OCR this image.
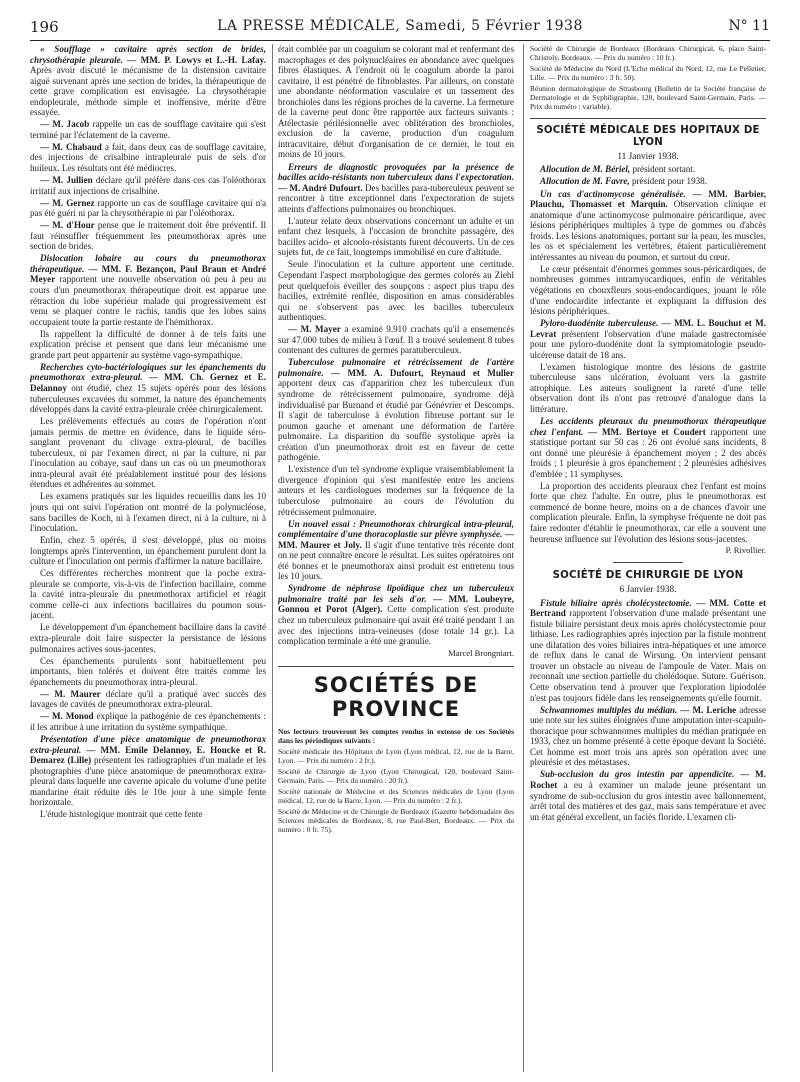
196	LA PRESSE MÉDICALE, Samedi, 5 Février 1938	N° 11

« Soufflage » cavitaire après section de brides, chrysothérapie pleurale. — MM. P. Lowys et L.-H. Lafay. Après avoir discuté le mécanisme de la distension cavitaire aiguë survenant après une section de brides, la thérapeutique de cette grave complication est envisagée. La chrysothérapie endopleurale, méthode simple et inoffensive, mérite d'être essayée.

— M. Jacob rappelle un cas de soufflage cavitaire qui s'est terminé par l'éclatement de la caverne.

— M. Chabaud a fait, dans deux cas de soufflage cavitaire, des injections de crisalbine intrapleurale puis de sels d'or huileux. Les résultats ont été médiocres.

— M. Jullien déclare qu'il préfère dans ces cas l'oléothorax irritatif aux injections de crisalbine.

— M. Gernez rapporte un cas de soufflage cavitaire qui n'a pas été guéri ni par la chrysothérapie ni par l'oléothorax.

— M. d'Hour pense que le traitement doit être préventif. Il faut réinsuffler fréquemment les pneumothorax après une section de brides.

Dislocation lobaire au cours du pneumothorax thérapeutique. — MM. F. Bezançon, Paul Braun et André Meyer rapportent une nouvelle observation où peu à peu au cours d'un pneumothorax thérapeutique droit est apparue une rétraction du lobe supérieur malade qui progressivement est venu se plaquer contre le rachis, tandis que les lobes sains occupaient toute la partie restante de l'hémithorax.

Ils rappellent la difficulté de donner à de tels faits une explication précise et pensent que dans leur mécanisme une grande part peut appartenir au système vago-sympathique.

Recherches cyto-bactériologiques sur les épanchements du pneumothorax extra-pleural. — MM. Ch. Gernez et E. Delannoy ont étudié, chez 15 sujets opérés pour des lésions tuberculeuses excavées du sommet, la nature des épanchements développés dans la cavité extra-pleurale créée chirurgicalement.

Les prélèvements effectués au cours de l'opération n'ont jamais permis de mettre en évidence, dans le liquide séro-sanglant provenant du clivage extra-pleural, de bacilles tuberculeux, ni par l'examen direct, ni par la culture, ni par l'inoculation au cobaye, sauf dans un cas où un pneumothorax intra-pleural avait été préalablement institué pour des lésions étendues et adhérentes au sommet.

Les examens pratiqués sur les liquides recueillis dans les 10 jours qui ont suivi l'opération ont montré de la polynucléose, sans bacilles de Koch, ni à l'examen direct, ni à la culture, ni à l'inoculation.

Enfin, chez 5 opérés, il s'est développé, plus ou moins longtemps après l'intervention, un épanchement purulent dont la culture et l'inoculation ont permis d'affirmer la nature bacillaire.

Ces différentes recherches montrent que la poche extra-pleurale se comporte, vis-à-vis de l'infection bacillaire, comme la cavité intra-pleurale du pneumothorax artificiel et réagit comme celle-ci aux infections bacillaires du poumon sous-jacent.

Le développement d'un épanchement bacillaire dans la cavité extra-pleurale doit faire suspecter la persistance de lésions pulmonaires actives sous-jacentes.

Ces épanchements purulents sont habituellement peu importants, bien tolérés et doivent être traités comme les épanchements du pneumothorax intra-pleural.

— M. Maurer déclare qu'il a pratiqué avec succès des lavages de cavités de pneumothorax extra-pleural.

— M. Monod explique la pathogénie de ces épanchements : il les attribue à une irritation du système sympathique.

Présentation d'une pièce anatomique de pneumothorax extra-pleural. — MM. Emile Delannoy, E. Houcke et R. Demarez (Lille) présentent les radiographies d'un malade et les photographies d'une pièce anatomique de pneumothorax extra-pleural dans laquelle une caverne apicale du volume d'une petite mandarine était réduite dès le 10e jour à une simple fente horizontale.

L'étude histologique montrait que cette fente

était comblée par un coagulum se colorant mal et renfermant des macrophages et des polynucléaires en abondance avec quelques fibres élastiques. A l'endroit où le coagulum aborde la paroi cavitaire, il est pénétré de fibroblastes. Par ailleurs, on constate une abondante néoformation vasculaire et un tassement des bronchioles dans les régions proches de la caverne. La fermeture de la caverne peut donc être rapportée aux facteurs suivants : Atélectasie périlésionnelle avec oblitération des bronchioles, exclusion de la caverne, production d'un coagulum intracavitaire, début d'organisation de ce dernier, le tout en moins de 10 jours.

Erreurs de diagnostic provoquées par la présence de bacilles acido-résistants non tuberculeux dans l'expectoration. — M. André Dufourt. Des bacilles para-tuberculeux peuvent se rencontrer à titre exceptionnel dans l'expectoration de sujets atteints d'affections pulmonaires ou bronchiques.

L'auteur relate deux observations concernant un adulte et un enfant chez lesquels, à l'occasion de bronchite passagère, des bacilles acido- et alcoolo-résistants furent découverts. Un de ces sujets fut, de ce fait, longtemps immobilisé en cure d'altitude.

Seule l'inoculation et la culture apportent une certitude. Cependant l'aspect morphologique des germes colorés au Ziehl peut quelquefois éveiller des soupçons : aspect plus trapu des bacilles, extrémité renflée, disposition en amas considérables qui ne s'observent pas avec les bacilles tuberculeux authentiques.

— M. Mayer a examiné 9.910 crachats qu'il a ensemencés sur 47.000 tubes de milieu à l'œuf. Il a trouvé seulement 8 tubes contenant des cultures de germes paratuberculeux.

Tuberculose pulmonaire et rétrécissement de l'artère pulmonaire. — MM. A. Dufourt, Reynaud et Muller apportent deux cas d'apparition chez les tuberculeux d'un syndrome de rétrécissement pulmonaire, syndrome déjà individualisé par Burnand et étudié par Génévrier et Descomps. Il s'agit de tuberculose à évolution fibreuse portant sur le poumon gauche et amenant une déformation de l'artère pulmonaire. La disparition du souffle systolique après la création d'un pneumothorax droit est en faveur de cette pathogénie.

L'existence d'un tel syndrome explique vraisemblablement la divergence d'opinion qui s'est manifestée entre les anciens auteurs et les cardiologues modernes sur la fréquence de la tuberculose pulmonaire au cours de l'évolution du rétrécissement pulmonaire.

Un nouvel essai : Pneumothorax chirurgical intra-pleural, complémentaire d'une thoracoplastie sur plèvre symphysée. — MM. Maurer et Joly. Il s'agit d'une tentative très récente dont on ne peut connaître encore le résultat. Les suites opératoires ont été bonnes et le pneumothorax ainsi produit est entretenu tous les 10 jours.

Syndrome de néphrose lipoïdique chez un tuberculeux pulmonaire traité par les sels d'or. — MM. Loubeyre, Gonnou et Porot (Alger). Cette complication s'est produite chez un tuberculeux pulmonaire qui avait été traité pendant 1 an avec des injections intra-veineuses (dose totale 14 gr.). La complication terminale a été une granulie.

Marcel Brongniart.
SOCIÉTÉS DE PROVINCE

Nos lecteurs trouveront les comptes rendus in extenso de ces Sociétés dans les périodiques suivants :

Société médicale des Hôpitaux de Lyon (Lyon médical, 12, rue de la Barre, Lyon. — Prix du numéro : 2 fr.).

Société de Chirurgie de Lyon (Lyon Chirurgical, 120, boulevard Saint-Germain, Paris. — Prix du numéro : 20 fr.).

Société nationale de Médecine et des Sciences médicales de Lyon (Lyon médical, 12, rue de la Barre, Lyon. — Prix du numéro : 2 fr.).

Société de Médecine et de Chirurgie de Bordeaux (Gazette hebdomadaire des Sciences médicales de Bordeaux, 8, rue Paul-Bert, Bordeaux. — Prix du numéro : 0 fr. 75).

Société de Chirurgie de Bordeaux (Bordeaux Chirurgical, 6, place Saint-Christoly, Bordeaux. — Prix du numéro : 10 fr.).

Société de Médecine du Nord (L'Echo médical du Nord, 12, rue Le Pelletier, Lille. — Prix du numéro : 3 fr. 50).

Réunion dermatologique de Strasbourg (Bulletin de la Société française de Dermatologie et de Syphiligraphie, 120, boulevard Saint-Germain, Paris. — Prix du numéro : variable).

SOCIÉTÉ MÉDICALE DES HOPITAUX DE LYON
11 Janvier 1938.

Allocution de M. Bériel, président sortant.

Allocution de M. Favre, président pour 1938.

Un cas d'actinomycose généralisée. — MM. Barbier, Plauchu, Thomasset et Marquin. Observation clinique et anatomique d'une actinomycose pulmonaire péricardique, avec lésions périphériques multiples à type de gommes ou d'abcès froids. Les lésions anatomiques, portant sur la peau, les muscles, les os et spécialement les vertèbres, étaient particulièrement intéressantes au niveau du poumon, et surtout du cœur.

Le cœur présentait d'énormes gommes sous-péricardiques, de nombreuses gommes intramyocardiques, enfin de véritables végétations en chouxfleurs sous-endocardiques, jouant le rôle d'une endocardite infectante et expliquant la diffusion des lésions périphériques.

Pyloro-duodénite tuberculeuse. — MM. L. Bouchut et M. Levrat présentent l'observation d'une malade gastrectomisée pour une pyloro-duodénite dont la symptomatologie pseudo-ulcéreuse datait de 18 ans.

L'examen histologique montre des lésions de gastrite tuberculeuse sans ulcération, évoluant vers la gastrite atrophique. Les auteurs soulignent la rareté d'une telle observation dont ils n'ont pas retrouvé d'analogue dans la littérature.

Les accidents pleuraux du pneumothorax thérapeutique chez l'enfant. — MM. Bertoye et Coudert rapportent une statistique portant sur 50 cas : 26 ont évolué sans incidents, 8 ont donné une pleurésie à épanchement moyen ; 2 des abcès froids ; 1 pleurésie à gros épanchement ; 2 pleurésies adhésives d'emblée ; 11 symphyses.

La proportion des accidents pleuraux chez l'enfant est moins forte que chez l'adulte. En outre, plus le pneumothorax est commencé de bonne heure, moins on a de chances d'avoir une complication pleurale. Enfin, la symphyse fréquente ne doit pas faire redouter d'établir le pneumothorax, car elle a souvent une heureuse influence sur l'évolution des lésions sous-jacentes.

P. Rivollier.
SOCIÉTÉ DE CHIRURGIE DE LYON
6 Janvier 1938.

Fistule biliaire après cholécystectomie. — MM. Cotte et Bertrand rapportent l'observation d'une malade présentant une fistule biliaire persistant deux mois après cholécystectomie pour lithiase. Les radiographies après injection par la fistule montrent une dilatation des voies biliaires intra-hépatiques et une amorce de reflux dans le canal de Wirsung. On intervient pensant trouver un obstacle au niveau de l'ampoule de Vater. Mais on reconnaît une section partielle du cholédoque. Suture. Guérison. Cette observation tend à prouver que l'exploration lipiodolée n'est pas toujours fidèle dans les renseignements qu'elle fournit.

Schwannomes multiples du médian. — M. Leriche adresse une note sur les suites éloignées d'une amputation inter-scapulo-thoracique pour schwannomes multiples du médian pratiquée en 1933, chez un homme présenté à cette époque devant la Société. Cet homme est mort trois ans après son opération avec une pleurésie et des métastases.

Sub-occlusion du gros intestin par appendicite. — M. Rochet a eu à examiner un malade jeune présentant un syndrome de sub-occlusion du gros intestin avec ballonnement, arrêt total des matières et des gaz, mais sans température et avec un état général excellent, un faciès floride. L'examen cli-
